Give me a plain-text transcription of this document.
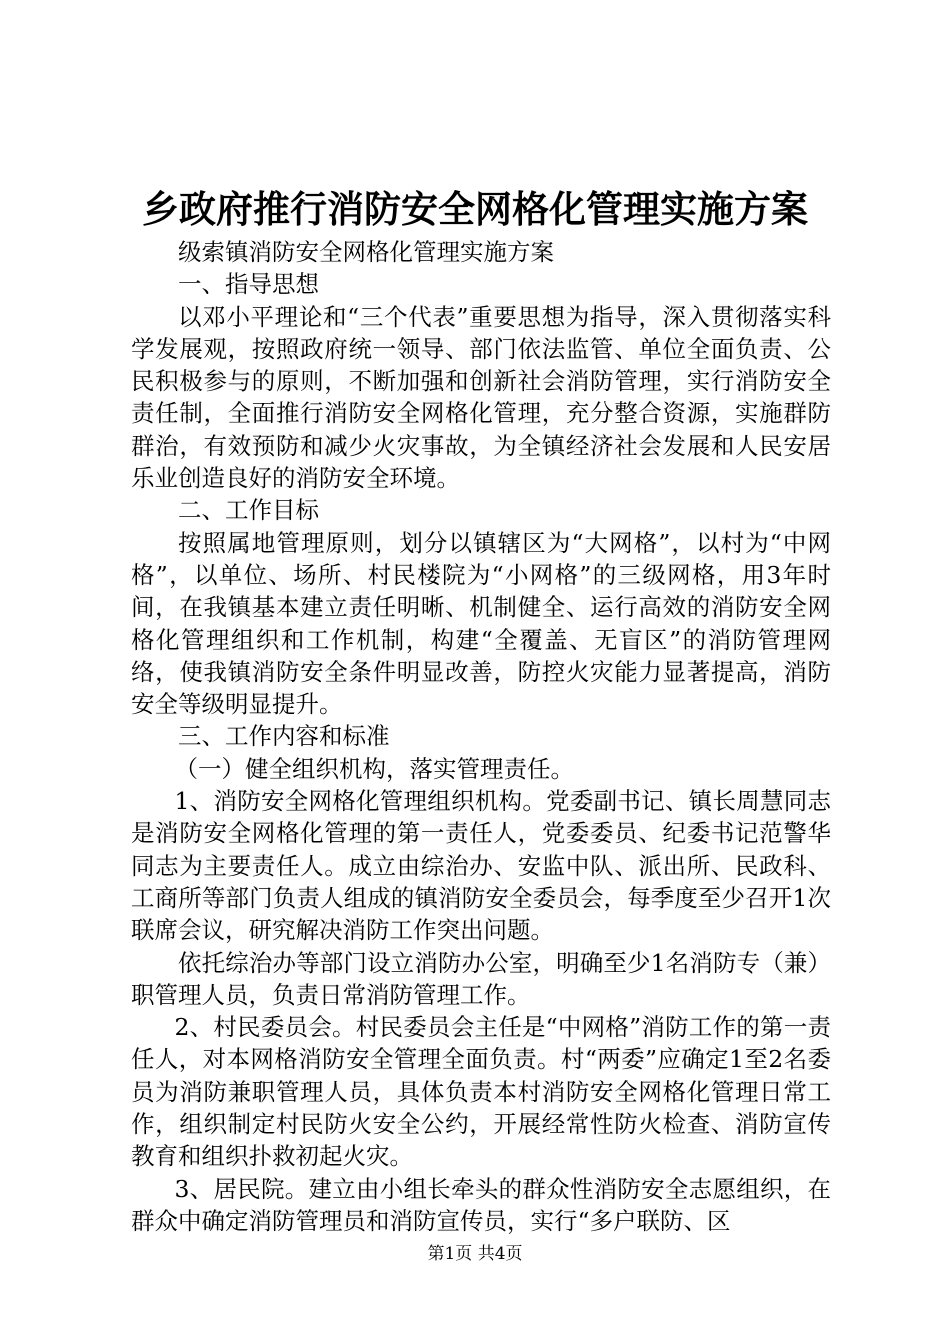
乡政府推行消防安全网格化管理实施方案

级索镇消防安全网格化管理实施方案

一、指导思想

以邓小平理论和“三个代表”重要思想为指导，深入贯彻落实科学发展观，按照政府统一领导、部门依法监管、单位全面负责、公民积极参与的原则，不断加强和创新社会消防管理，实行消防安全责任制，全面推行消防安全网格化管理，充分整合资源，实施群防群治，有效预防和减少火灾事故，为全镇经济社会发展和人民安居乐业创造良好的消防安全环境。

二、工作目标

按照属地管理原则，划分以镇辖区为“大网格”，以村为“中网格”，以单位、场所、村民楼院为“小网格”的三级网格，用3年时间，在我镇基本建立责任明晰、机制健全、运行高效的消防安全网格化管理组织和工作机制，构建“全覆盖、无盲区”的消防管理网络，使我镇消防安全条件明显改善，防控火灾能力显著提高，消防安全等级明显提升。

三、工作内容和标准

（一）健全组织机构，落实管理责任。

1、消防安全网格化管理组织机构。党委副书记、镇长周慧同志是消防安全网格化管理的第一责任人，党委委员、纪委书记范警华同志为主要责任人。成立由综治办、安监中队、派出所、民政科、工商所等部门负责人组成的镇消防安全委员会，每季度至少召开1次联席会议，研究解决消防工作突出问题。

依托综治办等部门设立消防办公室，明确至少1名消防专（兼）职管理人员，负责日常消防管理工作。

2、村民委员会。村民委员会主任是“中网格”消防工作的第一责任人，对本网格消防安全管理全面负责。村“两委”应确定1至2名委员为消防兼职管理人员，具体负责本村消防安全网格化管理日常工作，组织制定村民防火安全公约，开展经常性防火检查、消防宣传教育和组织扑救初起火灾。

3、居民院。建立由小组长牵头的群众性消防安全志愿组织，在群众中确定消防管理员和消防宣传员，实行“多户联防、区

第1页 共4页
